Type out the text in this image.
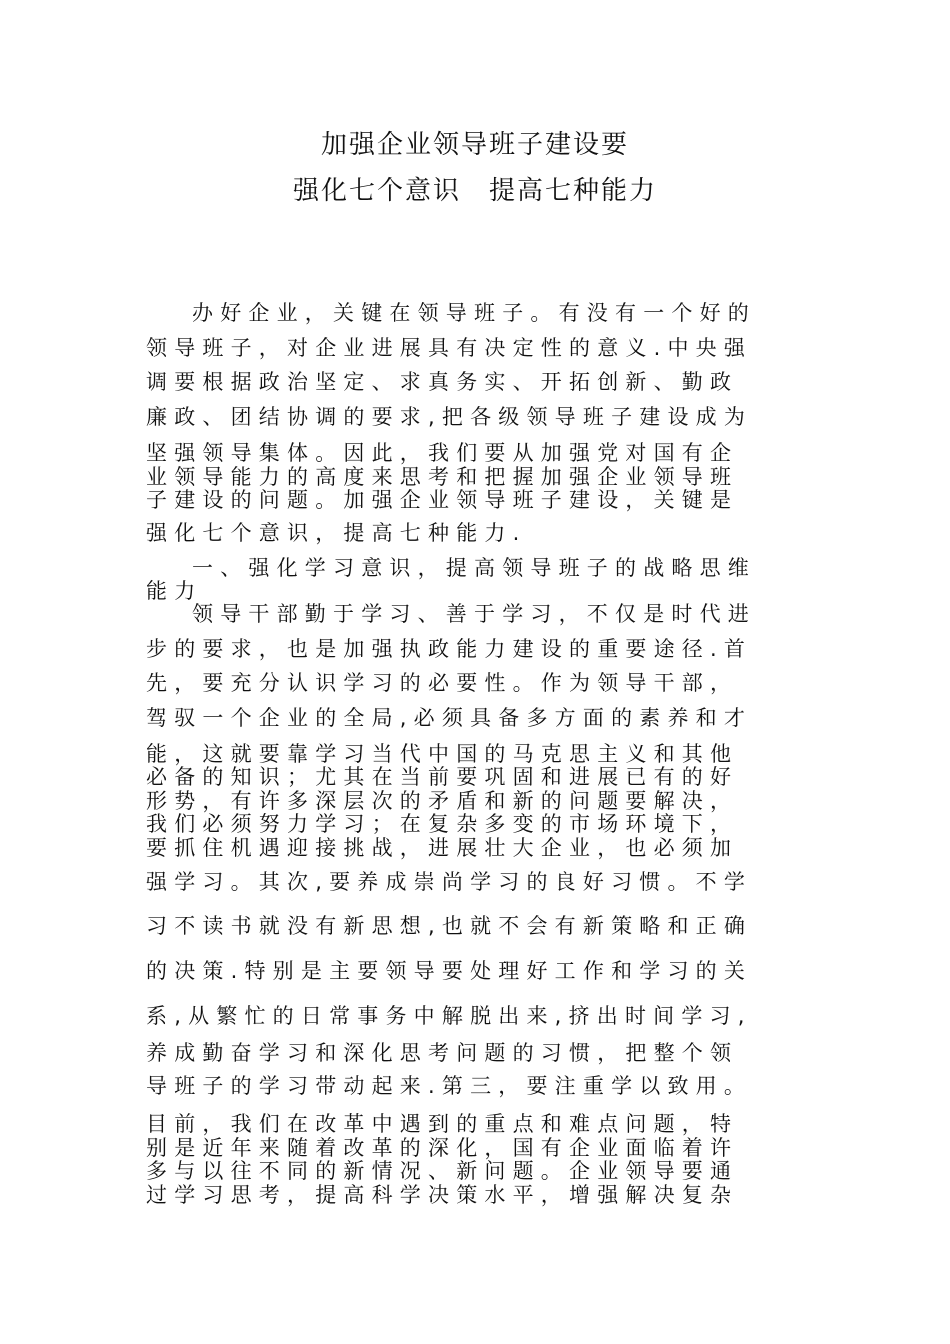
加强企业领导班子建设要
强化七个意识　提高七种能力
办好企业，关键在领导班子。有没有一个好的
领导班子，对企业进展具有决定性的意义.中央强
调要根据政治坚定、求真务实、开拓创新、勤政
廉政、团结协调的要求,把各级领导班子建设成为
坚强领导集体。因此，我们要从加强党对国有企
业领导能力的高度来思考和把握加强企业领导班
子建设的问题。加强企业领导班子建设，关键是
强化七个意识，提高七种能力.
一、强化学习意识，提高领导班子的战略思维
能力
领导干部勤于学习、善于学习，不仅是时代进
步的要求，也是加强执政能力建设的重要途径.首
先，要充分认识学习的必要性。作为领导干部，
驾驭一个企业的全局,必须具备多方面的素养和才
能，这就要靠学习当代中国的马克思主义和其他
必备的知识；尤其在当前要巩固和进展已有的好
形势，有许多深层次的矛盾和新的问题要解决，
我们必须努力学习；在复杂多变的市场环境下，
要抓住机遇迎接挑战，进展壮大企业，也必须加
强学习。其次,要养成崇尚学习的良好习惯。不学
习不读书就没有新思想,也就不会有新策略和正确
的决策.特别是主要领导要处理好工作和学习的关
系,从繁忙的日常事务中解脱出来,挤出时间学习,
养成勤奋学习和深化思考问题的习惯，把整个领
导班子的学习带动起来.第三，要注重学以致用。
目前，我们在改革中遇到的重点和难点问题，特
别是近年来随着改革的深化，国有企业面临着许
多与以往不同的新情况、新问题。企业领导要通
过学习思考，提高科学决策水平，增强解决复杂
